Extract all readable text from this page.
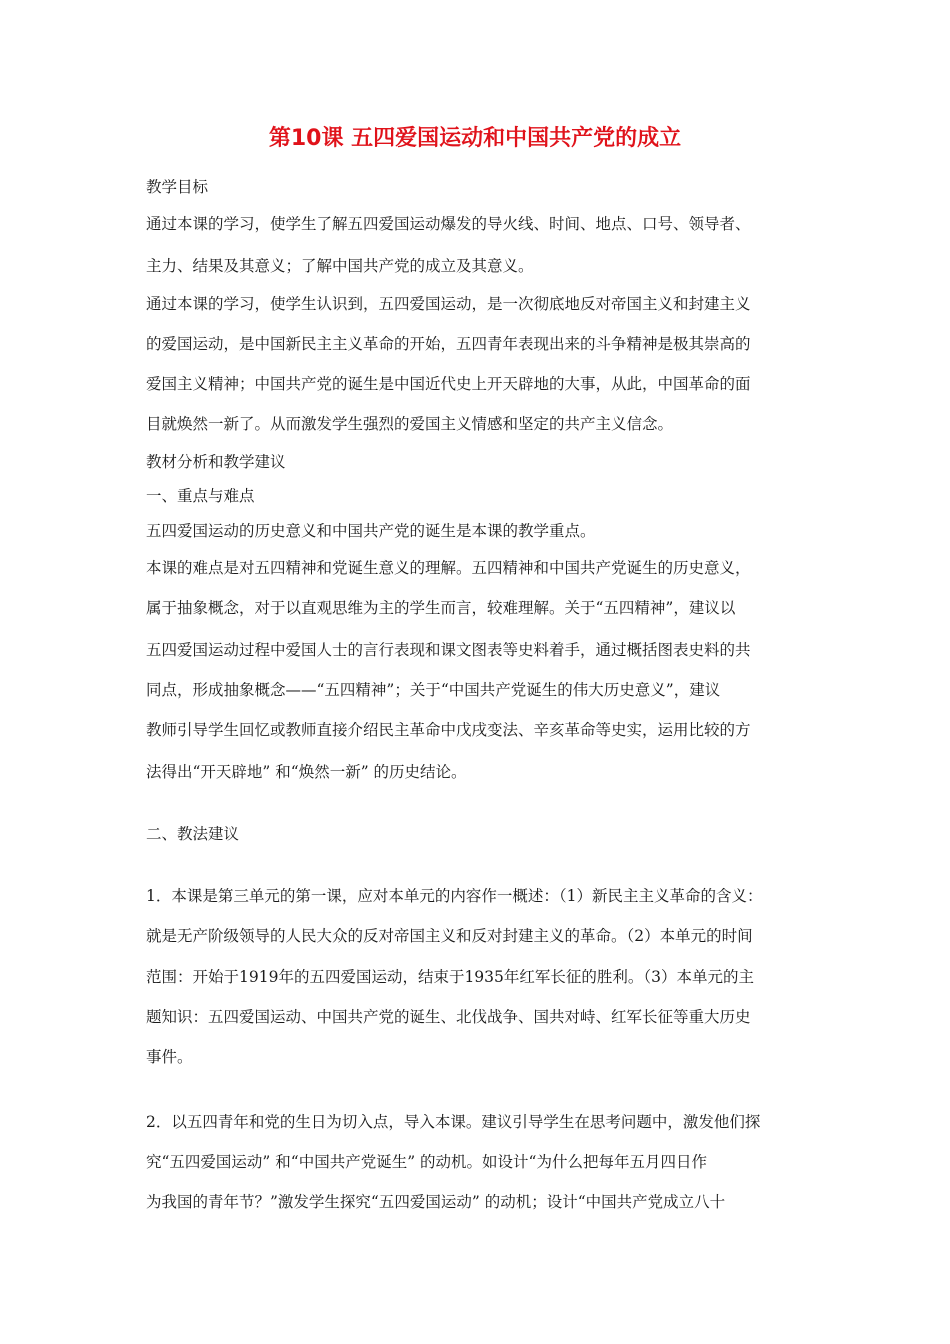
第10课 五四爱国运动和中国共产党的成立
教学目标
通过本课的学习，使学生了解五四爱国运动爆发的导火线、时间、地点、口号、领导者、
主力、结果及其意义；了解中国共产党的成立及其意义。
通过本课的学习，使学生认识到，五四爱国运动，是一次彻底地反对帝国主义和封建主义
的爱国运动，是中国新民主主义革命的开始，五四青年表现出来的斗争精神是极其崇高的
爱国主义精神；中国共产党的诞生是中国近代史上开天辟地的大事，从此，中国革命的面
目就焕然一新了。从而激发学生强烈的爱国主义情感和坚定的共产主义信念。
教材分析和教学建议
一、重点与难点
五四爱国运动的历史意义和中国共产党的诞生是本课的教学重点。
本课的难点是对五四精神和党诞生意义的理解。五四精神和中国共产党诞生的历史意义，
属于抽象概念，对于以直观思维为主的学生而言，较难理解。关于“五四精神”，建议以
五四爱国运动过程中爱国人士的言行表现和课文图表等史料着手，通过概括图表史料的共
同点，形成抽象概念——“五四精神”；关于“中国共产党诞生的伟大历史意义”，建议
教师引导学生回忆或教师直接介绍民主革命中戊戌变法、辛亥革命等史实，运用比较的方
法得出“开天辟地” 和“焕然一新” 的历史结论。
二、教法建议
1．本课是第三单元的第一课，应对本单元的内容作一概述：（1）新民主主义革命的含义：
就是无产阶级领导的人民大众的反对帝国主义和反对封建主义的革命。（2）本单元的时间
范围：开始于1919年的五四爱国运动，结束于1935年红军长征的胜利。（3）本单元的主
题知识：五四爱国运动、中国共产党的诞生、北伐战争、国共对峙、红军长征等重大历史
事件。
2．以五四青年和党的生日为切入点，导入本课。建议引导学生在思考问题中，激发他们探
究“五四爱国运动” 和“中国共产党诞生” 的动机。如设计“为什么把每年五月四日作
为我国的青年节？”激发学生探究“五四爱国运动” 的动机；设计“中国共产党成立八十
